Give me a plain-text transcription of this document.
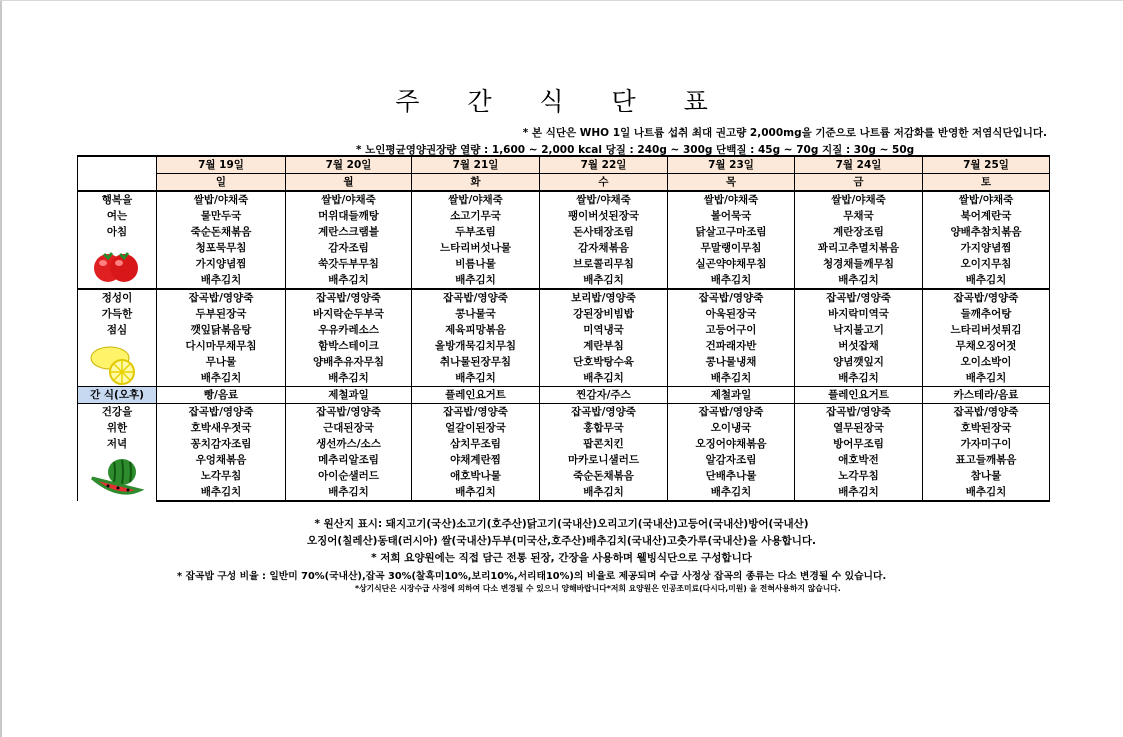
주 간 식 단 표
* 본 식단은 WHO 1일 나트륨 섭취 최대 권고량 2,000mg을 기준으로 나트륨 저감화를 반영한 저염식단입니다.
* 노인평균영양권장량 열량 : 1,600 ~ 2,000 kcal 당질 : 240g ~ 300g 단백질 : 45g ~ 70g 지질 : 30g ~ 50g
	7월 19일	7월 20일	7월 21일	7월 22일	7월 23일	7월 24일	7월 25일
	일	월	화	수	목	금	토

행복을
여는
아침	쌀밥/야채죽	쌀밥/야채죽	쌀밥/야채죽	쌀밥/야채죽	쌀밥/야채죽	쌀밥/야채죽	쌀밥/야채죽
	물만두국	머위대들깨탕	소고기무국	팽이버섯된장국	볼어묵국	무채국	북어계란국
	죽순돈채볶음	계란스크램블	두부조림	돈사태장조림	닭살고구마조림	계란장조림	양배추참치볶음
	청포묵무침	감자조림	느타리버섯나물	감자채볶음	무말랭이무침	꽈리고추멸치볶음	가지양념찜
	가지양념찜	쑥갓두부무침	비름나물	브로콜리무침	실곤약야채무침	청경채들깨무침	오이지무침
	배추김치	배추김치	배추김치	배추김치	배추김치	배추김치	배추김치

정성이
가득한
점심	잡곡밥/영양죽	잡곡밥/영양죽	잡곡밥/영양죽	보리밥/영양죽	잡곡밥/영양죽	잡곡밥/영양죽	잡곡밥/영양죽
	두부된장국	바지락순두부국	콩나물국	강된장비빔밥	아욱된장국	바지락미역국	들깨추어탕
	깻잎닭볶음탕	우유카레소스	제육피망볶음	미역냉국	고등어구이	낙지불고기	느타리버섯튀김
	다시마무채무침	함박스테이크	올방개묵김치무침	계란부침	건파래자반	버섯잡채	무채오징어젓
	무나물	양배추유자무침	취나물된장무침	단호박탕수육	콩나물냉채	양념깻잎지	오이소박이
	배추김치	배추김치	배추김치	배추김치	배추김치	배추김치	배추김치
간 식(오후)	빵/음료	제철과일	플레인요거트	찐감자/주스	제철과일	플레인요거트	카스테라/음료

건강을
위한
저녁	잡곡밥/영양죽	잡곡밥/영양죽	잡곡밥/영양죽	잡곡밥/영양죽	잡곡밥/영양죽	잡곡밥/영양죽	잡곡밥/영양죽
	호박새우젓국	근대된장국	얼갈이된장국	홍합무국	오이냉국	열무된장국	호박된장국
	꽁치감자조림	생선까스/소스	삼치무조림	팝콘치킨	오징어야채볶음	방어무조림	가자미구이
	우엉채볶음	메추리알조림	야채계란찜	마카로니샐러드	알감자조림	애호박전	표고들깨볶음
	노각무침	아이순샐러드	애호박나물	죽순돈채볶음	단배추나물	노각무침	참나물
	배추김치	배추김치	배추김치	배추김치	배추김치	배추김치	배추김치
* 원산지 표시: 돼지고기(국산)소고기(호주산)닭고기(국내산)오리고기(국내산)고등어(국내산)방어(국내산)
오징어(칠레산)동태(러시아) 쌀(국내산)두부(미국산,호주산)배추김치(국내산)고춧가루(국내산)을 사용합니다.
* 저희 요양원에는 직접 담근 전통 된장, 간장을 사용하며 웰빙식단으로 구성합니다
* 잡곡밥 구성 비율 : 일반미 70%(국내산),잡곡 30%(찰흑미10%,보리10%,서리태10%)의 비율로 제공되며 수급 사정상 잡곡의 종류는 다소 변경될 수 있습니다.
*상기식단은 시장수급 사정에 의하여 다소 변경될 수 있으니 양해바랍니다*저희 요양원은 인공조미료(다시다,미원) 을 전혀사용하지 않습니다.
